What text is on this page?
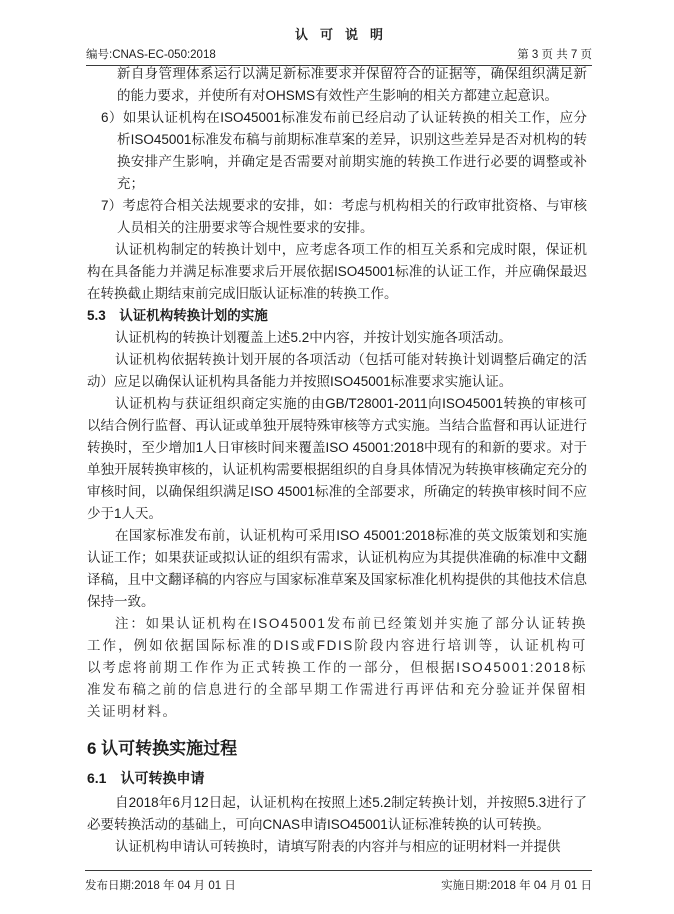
认可说明
编号:CNAS-EC-050:2018	第 3 页 共 7 页

新自身管理体系运行以满足新标准要求并保留符合的证据等，确保组织满足新的能力要求，并使所有对OHSMS有效性产生影响的相关方都建立起意识。

6）如果认证机构在ISO45001标准发布前已经启动了认证转换的相关工作，应分析ISO45001标准发布稿与前期标准草案的差异，识别这些差异是否对机构的转换安排产生影响，并确定是否需要对前期实施的转换工作进行必要的调整或补充；

7）考虑符合相关法规要求的安排，如：考虑与机构相关的行政审批资格、与审核人员相关的注册要求等合规性要求的安排。

认证机构制定的转换计划中，应考虑各项工作的相互关系和完成时限，保证机构在具备能力并满足标准要求后开展依据ISO45001标准的认证工作，并应确保最迟在转换截止期结束前完成旧版认证标准的转换工作。

5.3　认证机构转换计划的实施

认证机构的转换计划覆盖上述5.2中内容，并按计划实施各项活动。

认证机构依据转换计划开展的各项活动（包括可能对转换计划调整后确定的活动）应足以确保认证机构具备能力并按照ISO45001标准要求实施认证。

认证机构与获证组织商定实施的由GB/T28001-2011向ISO45001转换的审核可以结合例行监督、再认证或单独开展特殊审核等方式实施。当结合监督和再认证进行转换时，至少增加1人日审核时间来覆盖ISO 45001:2018中现有的和新的要求。对于单独开展转换审核的，认证机构需要根据组织的自身具体情况为转换审核确定充分的审核时间，以确保组织满足ISO 45001标准的全部要求，所确定的转换审核时间不应少于1人天。

在国家标准发布前，认证机构可采用ISO 45001:2018标准的英文版策划和实施认证工作；如果获证或拟认证的组织有需求，认证机构应为其提供准确的标准中文翻译稿，且中文翻译稿的内容应与国家标准草案及国家标准化机构提供的其他技术信息保持一致。

注：如果认证机构在ISO45001发布前已经策划并实施了部分认证转换工作，例如依据国际标准的DIS或FDIS阶段内容进行培训等，认证机构可以考虑将前期工作作为正式转换工作的一部分，但根据ISO45001:2018标准发布稿之前的信息进行的全部早期工作需进行再评估和充分验证并保留相关证明材料。

6 认可转换实施过程

6.1　认可转换申请

自2018年6月12日起，认证机构在按照上述5.2制定转换计划，并按照5.3进行了必要转换活动的基础上，可向CNAS申请ISO45001认证标准转换的认可转换。

认证机构申请认可转换时，请填写附表的内容并与相应的证明材料一并提供

发布日期:2018 年 04 月 01 日	实施日期:2018 年 04 月 01 日
